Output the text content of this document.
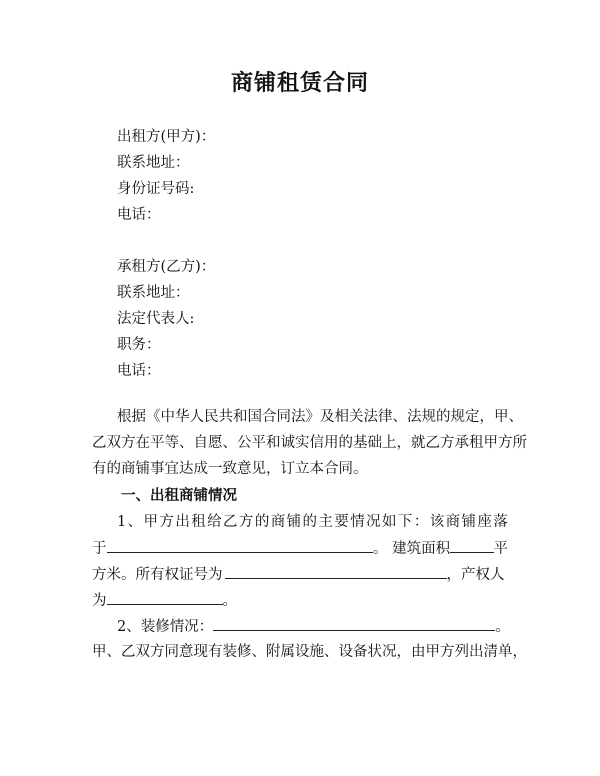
商铺租赁合同
出租方(甲方)：
联系地址：
身份证号码:
电话：
承租方(乙方)：
联系地址：
法定代表人:
职务：
电话：
根据《中华人民共和国合同法》及相关法律、法规的规定，甲、
乙双方在平等、自愿、公平和诚实信用的基础上，就乙方承租甲方所
有的商铺事宜达成一致意见，订立本合同。
一、出租商铺情况
1、甲方出租给乙方的商铺的主要情况如下：该商铺座落
于	。 建筑面积	平
方米。所有权证号为	，产权人
为	。
2、装修情况：	。
甲、乙双方同意现有装修、附属设施、设备状况，由甲方列出清单，
